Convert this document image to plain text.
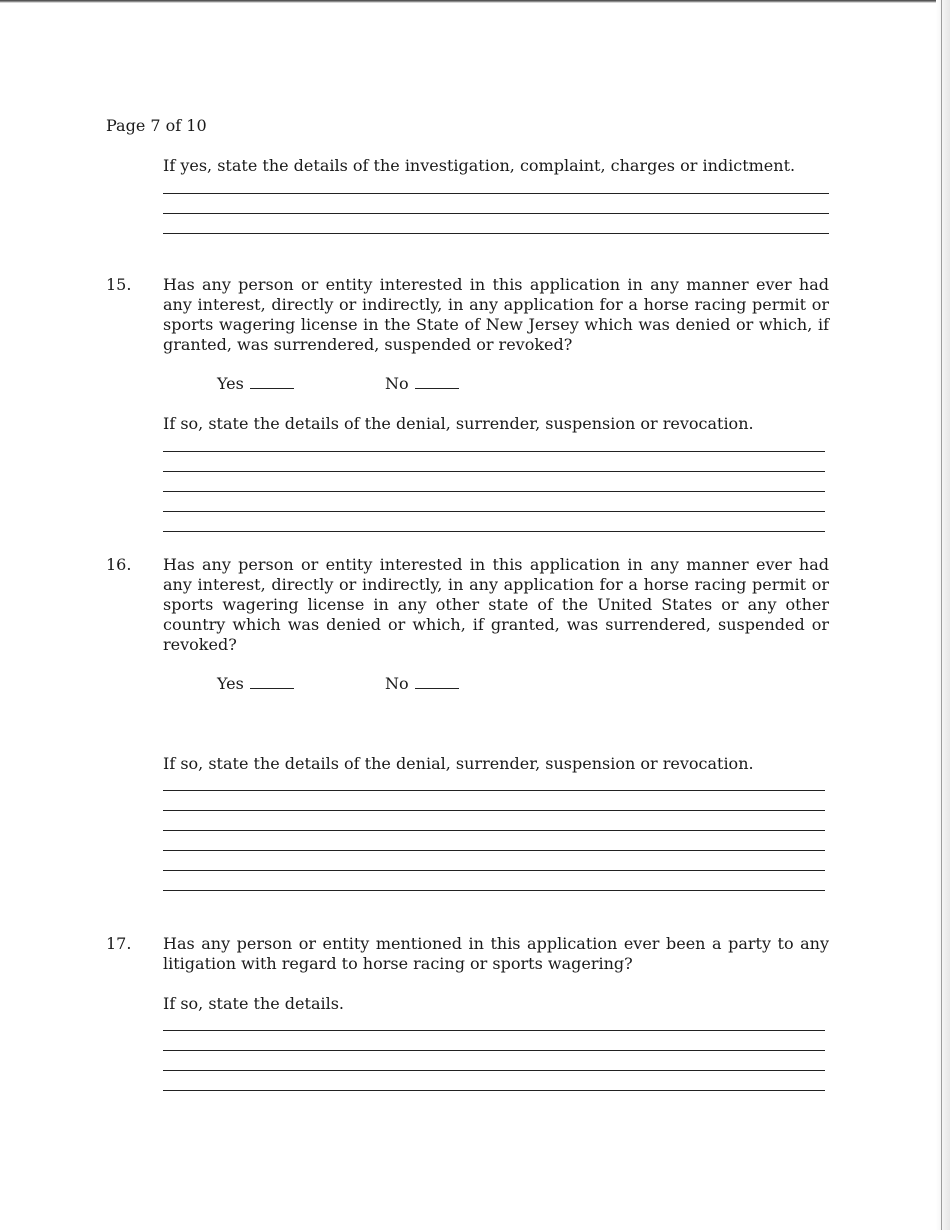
Page 7 of 10
If yes, state the details of the investigation, complaint, charges or indictment.
15. Has any person or entity interested in this application in any manner ever had any interest, directly or indirectly, in any application for a horse racing permit or sports wagering license in the State of New Jersey which was denied or which, if granted, was surrendered, suspended or revoked?
Yes	No
If so, state the details of the denial, surrender, suspension or revocation.
16. Has any person or entity interested in this application in any manner ever had any interest, directly or indirectly, in any application for a horse racing permit or sports wagering license in any other state of the United States or any other country which was denied or which, if granted, was surrendered, suspended or revoked?
Yes	No
If so, state the details of the denial, surrender, suspension or revocation.
17. Has any person or entity mentioned in this application ever been a party to any litigation with regard to horse racing or sports wagering?
If so, state the details.
